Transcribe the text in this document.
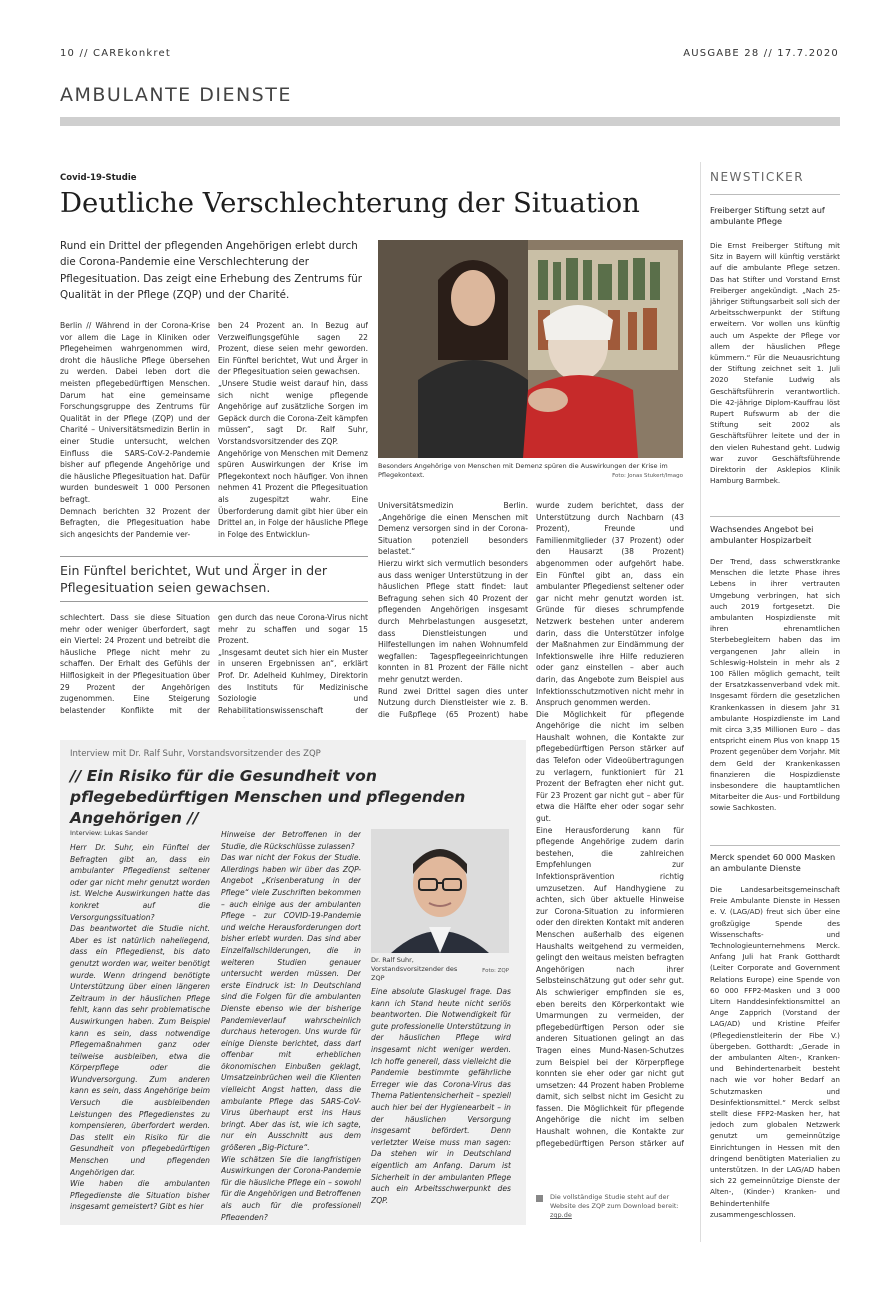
10 // CAREkonkret	AUSGABE 28 // 17.7.2020
AMBULANTE DIENSTE
Covid-19-Studie
Deutliche Verschlechterung der Situation
Rund ein Drittel der pflegenden Angehörigen erlebt durch die Corona-Pandemie eine Verschlechterung der Pflegesituation. Das zeigt eine Erhebung des Zentrums für Qualität in der Pflege (ZQP) und der Charité.
Besonders Angehörige von Menschen mit Demenz spüren die Auswirkungen der Krise im Pflegekontext.	Foto: Jonas Stukert/Imago
Berlin // Während in der Corona-Krise vor allem die Lage in Kliniken oder Pflegeheimen wahrgenommen wird, droht die häusliche Pflege übersehen zu werden. Dabei leben dort die meisten pflegebedürftigen Menschen. Darum hat eine gemeinsame Forschungsgruppe des Zentrums für Qualität in der Pflege (ZQP) und der Charité – Universitätsmedizin Berlin in einer Studie untersucht, welchen Einfluss die SARS-CoV-2-Pandemie bisher auf pflegende Angehörige und die häusliche Pflegesituation hat. Dafür wurden bundesweit 1 000 Personen befragt.
Demnach berichten 32 Prozent der Befragten, die Pflegesituation habe sich angesichts der Pandemie ver-
ben 24 Prozent an. In Bezug auf Verzweiflungsgefühle sagen 22 Prozent, diese seien mehr geworden. Ein Fünftel berichtet, Wut und Ärger in der Pflegesituation seien gewachsen.
„Unsere Studie weist darauf hin, dass sich nicht wenige pflegende Angehörige auf zusätzliche Sorgen im Gepäck durch die Corona-Zeit kämpfen müssen“, sagt Dr. Ralf Suhr, Vorstandsvorsitzender des ZQP.
Angehörige von Menschen mit Demenz spüren Auswirkungen der Krise im Pflegekontext noch häufiger. Von ihnen nehmen 41 Prozent die Pflegesituation als zugespitzt wahr. Eine Überforderung damit gibt hier über ein Drittel an, in Folge der häusliche Pflege in Folge des Entwicklun-
Universitätsmedizin Berlin. „Angehörige die einen Menschen mit Demenz versorgen sind in der Corona-Situation potenziell besonders belastet.“
Hierzu wirkt sich vermutlich besonders aus dass weniger Unterstützung in der häuslichen Pflege statt findet: laut Befragung sehen sich 40 Prozent der pflegenden Angehörigen insgesamt durch Mehrbelastungen ausgesetzt, dass Dienstleistungen und Hilfestellungen im nahen Wohnumfeld wegfallen: Tagespflegeeinrichtungen konnten in 81 Prozent der Fälle nicht mehr genutzt werden.
Rund zwei Drittel sagen dies unter Nutzung durch Dienstleister wie z. B. die Fußpflege (65 Prozent) habe
wurde zudem berichtet, dass der Unterstützung durch Nachbarn (43 Prozent), Freunde und Familienmitglieder (37 Prozent) oder den Hausarzt (38 Prozent) abgenommen oder aufgehört habe. Ein Fünftel gibt an, dass ein ambulanter Pflegedienst seltener oder gar nicht mehr genutzt worden ist. Gründe für dieses schrumpfende Netzwerk bestehen unter anderem darin, dass die Unterstützer infolge der Maßnahmen zur Eindämmung der Infektionswelle ihre Hilfe reduzieren oder ganz einstellen – aber auch darin, das Angebote zum Beispiel aus Infektionsschutzmotiven nicht mehr in Anspruch genommen werden.
Die Möglichkeit für pflegende Angehörige die nicht im selben Haushalt wohnen, die Kontakte zur pflegebedürftigen Person stärker auf das Telefon oder Videoübertragungen zu verlagern, funktioniert für 21 Prozent der Befragten eher nicht gut. Für 23 Prozent gar nicht gut – aber für etwa die Hälfte eher oder sogar sehr gut.
Eine Herausforderung kann für pflegende Angehörige zudem darin bestehen, die zahlreichen Empfehlungen zur Infektionsprävention richtig umzusetzen. Auf Handhygiene zu achten, sich über aktuelle Hinweise zur Corona-Situation zu informieren oder den direkten Kontakt mit anderen Menschen außerhalb des eigenen Haushalts weitgehend zu vermeiden, gelingt den weitaus meisten befragten Angehörigen nach ihrer Selbsteinschätzung gut oder sehr gut. Als schwieriger empfinden sie es, eben bereits den Körperkontakt wie Umarmungen zu vermeiden, der pflegebedürftigen Person oder sie anderen Situationen gelingt an das Tragen eines Mund-Nasen-Schutzes zum Beispiel bei der Körperpflege konnten sie eher oder gar nicht gut umsetzen: 44 Prozent haben Probleme damit, sich selbst nicht im Gesicht zu fassen. Die Möglichkeit für pflegende Angehörige die nicht im selben Haushalt wohnen, die Kontakte zur pflegebedürftigen Person stärker auf
Ein Fünftel berichtet, Wut und Ärger in der Pflegesituation seien gewachsen.
schlechtert. Dass sie diese Situation mehr oder weniger überfordert, sagt ein Viertel: 24 Prozent und betreibt die häusliche Pflege nicht mehr zu schaffen. Der Erhalt des Gefühls der Hilflosigkeit in der Pflegesituation über 29 Prozent der Angehörigen zugenommen. Eine Steigerung belastender Konflikte mit der
gen durch das neue Corona-Virus nicht mehr zu schaffen und sogar 15 Prozent.
„Insgesamt deutet sich hier ein Muster in unseren Ergebnissen an“, erklärt Prof. Dr. Adelheid Kuhlmey, Direktorin des Instituts für Medizinische Soziologie und Rehabilitationswissenschaft der
Interview mit Dr. Ralf Suhr, Vorstandsvorsitzender des ZQP
// Ein Risiko für die Gesundheit von pflegebedürftigen Menschen und pflegenden Angehörigen //
Interview: Lukas Sander
Herr Dr. Suhr, ein Fünftel der Befragten gibt an, dass ein ambulanter Pflegedienst seltener oder gar nicht mehr genutzt worden ist. Welche Auswirkungen hatte das konkret auf die Versorgungssituation?
Das beantwortet die Studie nicht. Aber es ist natürlich naheliegend, dass ein Pflegedienst, bis dato genutzt worden war, weiter benötigt wurde. Wenn dringend benötigte Unterstützung über einen längeren Zeitraum in der häuslichen Pflege fehlt, kann das sehr problematische Auswirkungen haben. Zum Beispiel kann es sein, dass notwendige Pflegemaßnahmen ganz oder teilweise ausbleiben, etwa die Körperpflege oder die Wundversorgung. Zum anderen kann es sein, dass Angehörige beim Versuch die ausbleibenden Leistungen des Pflegedienstes zu kompensieren, überfordert werden. Das stellt ein Risiko für die Gesundheit von pflegebedürftigen Menschen und pflegenden Angehörigen dar.
Wie haben die ambulanten Pflegedienste die Situation bisher insgesamt gemeistert? Gibt es hier
Hinweise der Betroffenen in der Studie, die Rückschlüsse zulassen?
Das war nicht der Fokus der Studie. Allerdings haben wir über das ZQP-Angebot „Krisenberatung in der Pflege“ viele Zuschriften bekommen – auch einige aus der ambulanten Pflege – zur COVID-19-Pandemie und welche Herausforderungen dort bisher erlebt wurden. Das sind aber Einzelfallschilderungen, die in weiteren Studien genauer untersucht werden müssen. Der erste Eindruck ist: In Deutschland sind die Folgen für die ambulanten Dienste ebenso wie der bisherige Pandemieverlauf wahrscheinlich durchaus heterogen. Uns wurde für einige Dienste berichtet, dass darf offenbar mit erheblichen ökonomischen Einbußen geklagt, Umsatzeinbrüchen weil die Klienten vielleicht Angst hatten, dass die ambulante Pflege das SARS-CoV-Virus überhaupt erst ins Haus bringt. Aber das ist, wie ich sagte, nur ein Ausschnitt aus dem größeren „Big-Picture“.
Wie schätzen Sie die langfristigen Auswirkungen der Corona-Pandemie für die häusliche Pflege ein – sowohl für die Angehörigen und Betroffenen als auch für die professionell Pflegenden?
Dr. Ralf Suhr, Vorstandsvorsitzender des ZQP
Foto: ZQP
Eine absolute Glaskugel frage. Das kann ich Stand heute nicht seriös beantworten. Die Notwendigkeit für gute professionelle Unterstützung in der häuslichen Pflege wird insgesamt nicht weniger werden. Ich hoffe generell, dass vielleicht die Pandemie bestimmte gefährliche Erreger wie das Corona-Virus das Thema Patientensicherheit – speziell auch hier bei der Hygienearbeit – in der häuslichen Versorgung insgesamt befördert. Denn verletzter Weise muss man sagen: Da stehen wir in Deutschland eigentlich am Anfang. Darum ist Sicherheit in der ambulanten Pflege auch ein Arbeitsschwerpunkt des ZQP.	Die vollständige Studie steht auf der Website des ZQP zum Download bereit: zqp.de
NEWSTICKER
Freiberger Stiftung setzt auf ambulante Pflege
Die Ernst Freiberger Stiftung mit Sitz in Bayern will künftig verstärkt auf die ambulante Pflege setzen. Das hat Stifter und Vorstand Ernst Freiberger angekündigt. „Nach 25-jähriger Stiftungsarbeit soll sich der Arbeitsschwerpunkt der Stiftung erweitern. Vor wollen uns künftig auch um Aspekte der Pflege vor allem der häuslichen Pflege kümmern.“ Für die Neuausrichtung der Stiftung zeichnet seit 1. Juli 2020 Stefanie Ludwig als Geschäftsführerin verantwortlich. Die 42-jährige Diplom-Kauffrau löst Rupert Rufswurm ab der die Stiftung seit 2002 als Geschäftsführer leitete und der in den vielen Ruhestand geht. Ludwig war zuvor Geschäftsführende Direktorin der Asklepios Klinik Hamburg Barmbek.
Wachsendes Angebot bei ambulanter Hospizarbeit
Der Trend, dass schwerstkranke Menschen die letzte Phase ihres Lebens in ihrer vertrauten Umgebung verbringen, hat sich auch 2019 fortgesetzt. Die ambulanten Hospizdienste mit ihren ehrenamtlichen Sterbebegleitern haben das im vergangenen Jahr allein in Schleswig-Holstein in mehr als 2 100 Fällen möglich gemacht, teilt der Ersatzkassenverband vdek mit. Insgesamt fördern die gesetzlichen Krankenkassen in diesem Jahr 31 ambulante Hospizdienste im Land mit circa 3,35 Millionen Euro – das entspricht einem Plus von knapp 15 Prozent gegenüber dem Vorjahr. Mit dem Geld der Krankenkassen finanzieren die Hospizdienste insbesondere die hauptamtlichen Mitarbeiter die Aus- und Fortbildung sowie Sachkosten.
Merck spendet 60 000 Masken an ambulante Dienste
Die Landesarbeitsgemeinschaft Freie Ambulante Dienste in Hessen e. V. (LAG/AD) freut sich über eine großzügige Spende des Wissenschafts- und Technologieunternehmens Merck. Anfang Juli hat Frank Gotthardt (Leiter Corporate and Government Relations Europe) eine Spende von 60 000 FFP2-Masken und 3 000 Litern Handdesinfektionsmittel an Ange Zapprich (Vorstand der LAG/AD) und Kristine Pfeifer (Pflegedienstleiterin der Fibe V.) übergeben. Gotthardt: „Gerade in der ambulanten Alten-, Kranken- und Behindertenarbeit besteht nach wie vor hoher Bedarf an Schutzmasken und Desinfektionsmittel.“ Merck selbst stellt diese FFP2-Masken her, hat jedoch zum globalen Netzwerk genutzt um gemeinnützige Einrichtungen in Hessen mit den dringend benötigten Materialien zu unterstützen. In der LAG/AD haben sich 22 gemeinnützige Dienste der Alten-, (Kinder-) Kranken- und Behindertenhilfe zusammengeschlossen.
